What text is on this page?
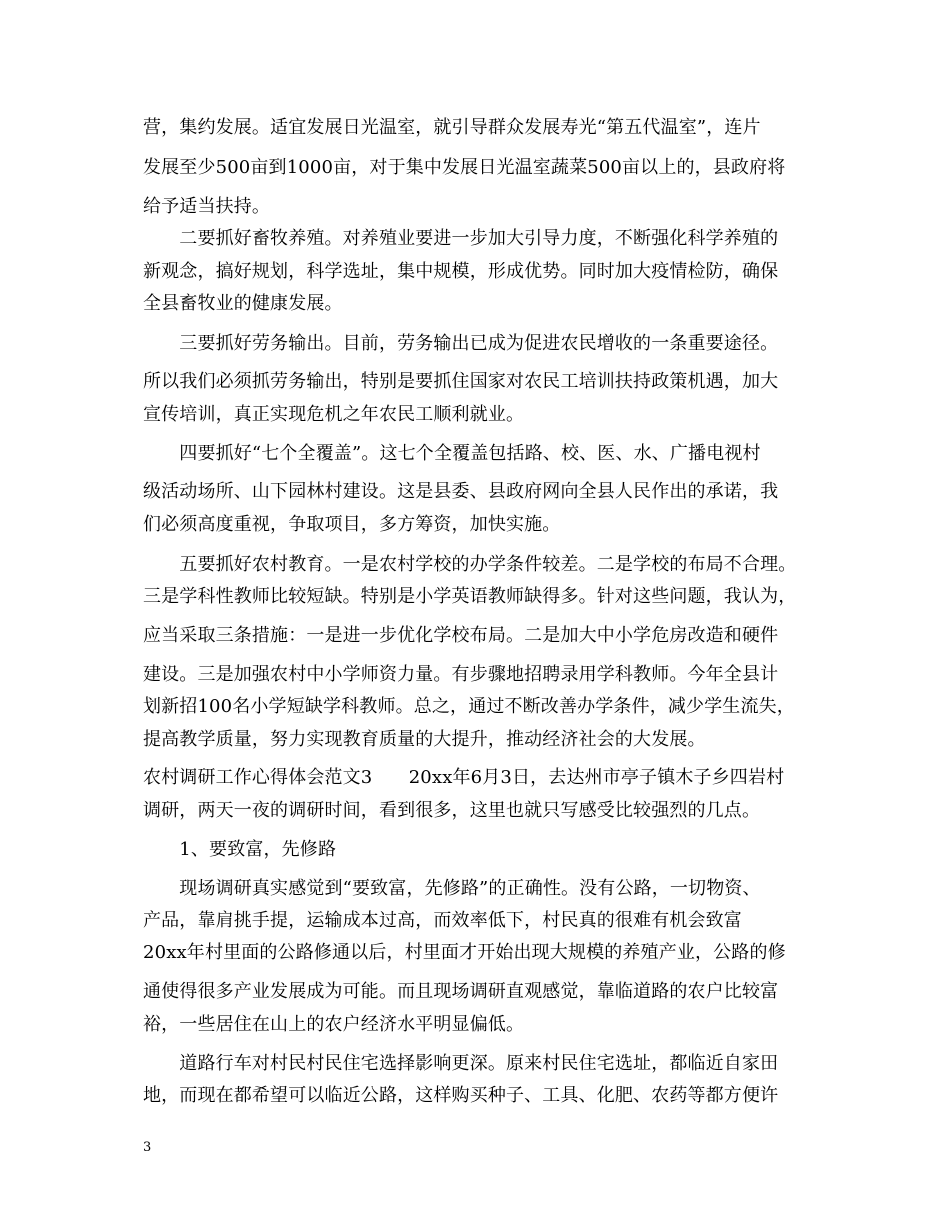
营，集约发展。适宜发展日光温室，就引导群众发展寿光“第五代温室”，连片
发展至少500亩到1000亩，对于集中发展日光温室蔬菜500亩以上的，县政府将
给予适当扶持。
　　二要抓好畜牧养殖。对养殖业要进一步加大引导力度，不断强化科学养殖的
新观念，搞好规划，科学选址，集中规模，形成优势。同时加大疫情检防，确保
全县畜牧业的健康发展。
　　三要抓好劳务输出。目前，劳务输出已成为促进农民增收的一条重要途径。
所以我们必须抓劳务输出，特别是要抓住国家对农民工培训扶持政策机遇，加大
宣传培训，真正实现危机之年农民工顺利就业。
　　四要抓好“七个全覆盖”。这七个全覆盖包括路、校、医、水、广播电视村
级活动场所、山下园林村建设。这是县委、县政府网向全县人民作出的承诺，我
们必须高度重视，争取项目，多方筹资，加快实施。
　　五要抓好农村教育。一是农村学校的办学条件较差。二是学校的布局不合理。
三是学科性教师比较短缺。特别是小学英语教师缺得多。针对这些问题，我认为，
应当采取三条措施：一是进一步优化学校布局。二是加大中小学危房改造和硬件
建设。三是加强农村中小学师资力量。有步骤地招聘录用学科教师。今年全县计
划新招100名小学短缺学科教师。总之，通过不断改善办学条件，减少学生流失，
提高教学质量，努力实现教育质量的大提升，推动经济社会的大发展。
农村调研工作心得体会范文3　　20xx年6月3日，去达州市亭子镇木子乡四岩村
调研，两天一夜的调研时间，看到很多，这里也就只写感受比较强烈的几点。
　　1、要致富，先修路
　　现场调研真实感觉到“要致富，先修路”的正确性。没有公路，一切物资、
产品，靠肩挑手提，运输成本过高，而效率低下，村民真的很难有机会致富
20xx年村里面的公路修通以后，村里面才开始出现大规模的养殖产业，公路的修
通使得很多产业发展成为可能。而且现场调研直观感觉，靠临道路的农户比较富
裕，一些居住在山上的农户经济水平明显偏低。
　　道路行车对村民村民住宅选择影响更深。原来村民住宅选址，都临近自家田
地，而现在都希望可以临近公路，这样购买种子、工具、化肥、农药等都方便许
3
